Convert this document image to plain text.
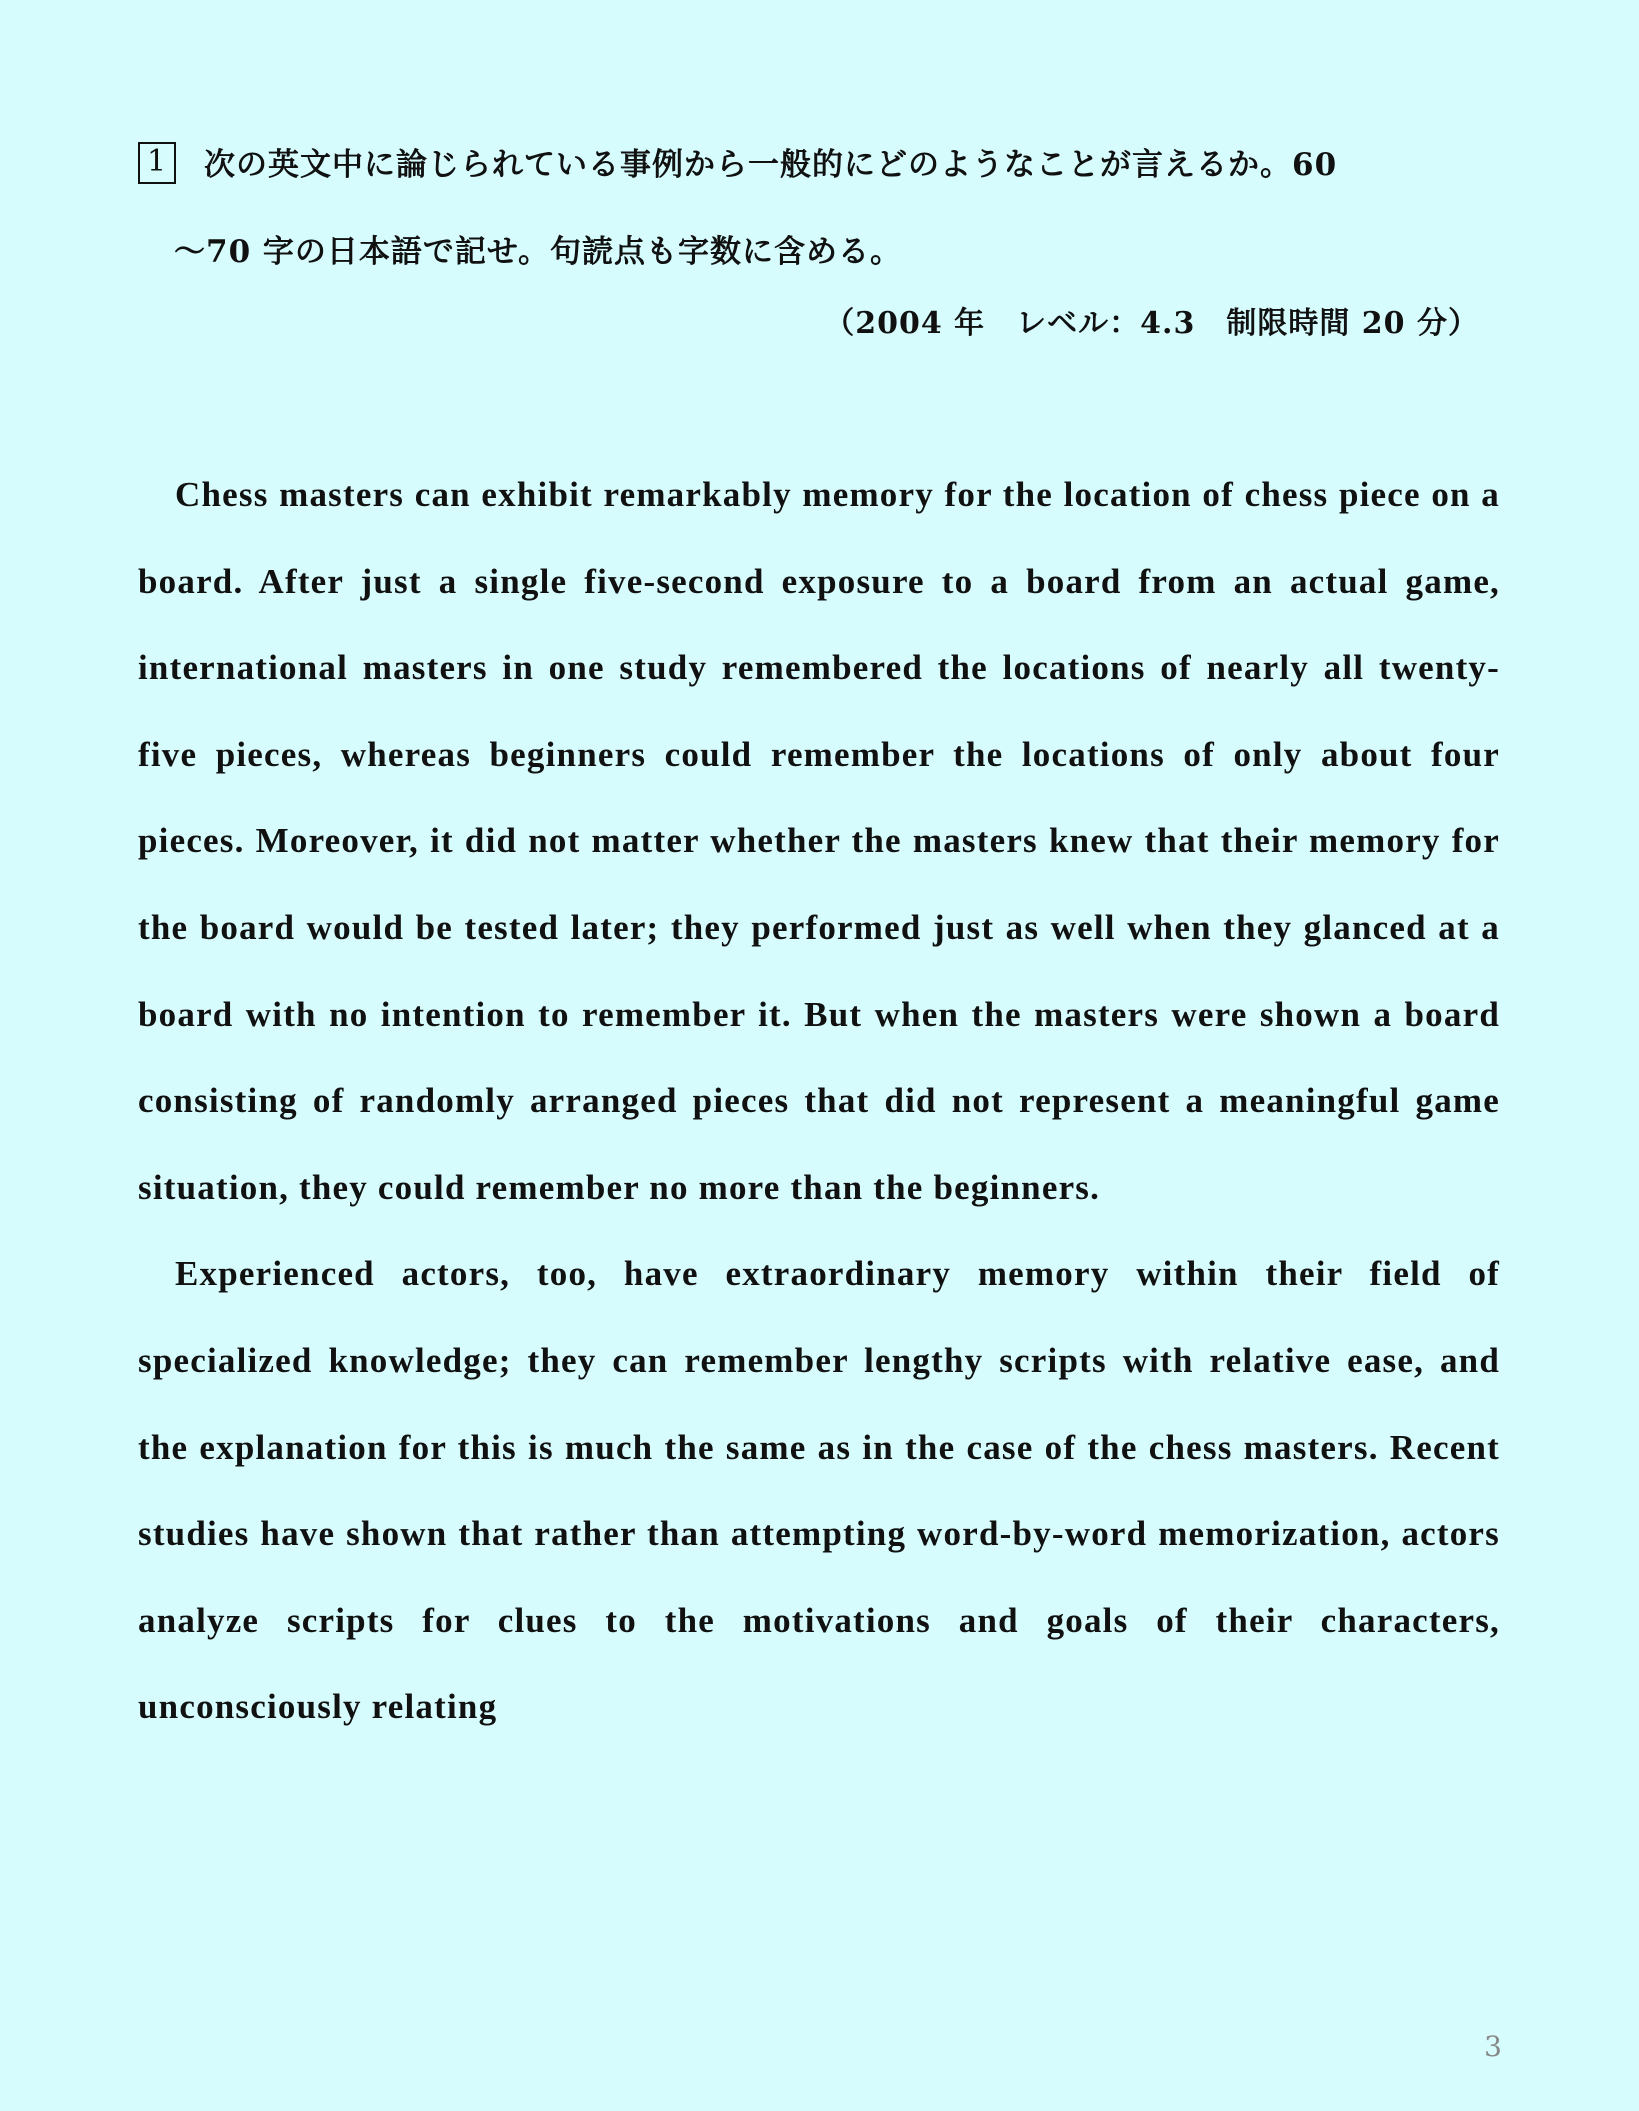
1 次の英文中に論じられている事例から一般的にどのようなことが言えるか。60
～70 字の日本語で記せ。句読点も字数に含める。
（2004 年　レベル：4.3　制限時間 20 分）

Chess masters can exhibit remarkably memory for the location of chess piece on a board. After just a single five-second exposure to a board from an actual game, international masters in one study remembered the locations of nearly all twenty-five pieces, whereas beginners could remember the locations of only about four pieces. Moreover, it did not matter whether the masters knew that their memory for the board would be tested later; they performed just as well when they glanced at a board with no intention to remember it. But when the masters were shown a board consisting of randomly arranged pieces that did not represent a meaningful game situation, they could remember no more than the beginners.

Experienced actors, too, have extraordinary memory within their field of specialized knowledge; they can remember lengthy scripts with relative ease, and the explanation for this is much the same as in the case of the chess masters. Recent studies have shown that rather than attempting word-by-word memorization, actors analyze scripts for clues to the motivations and goals of their characters, unconsciously relating

3
